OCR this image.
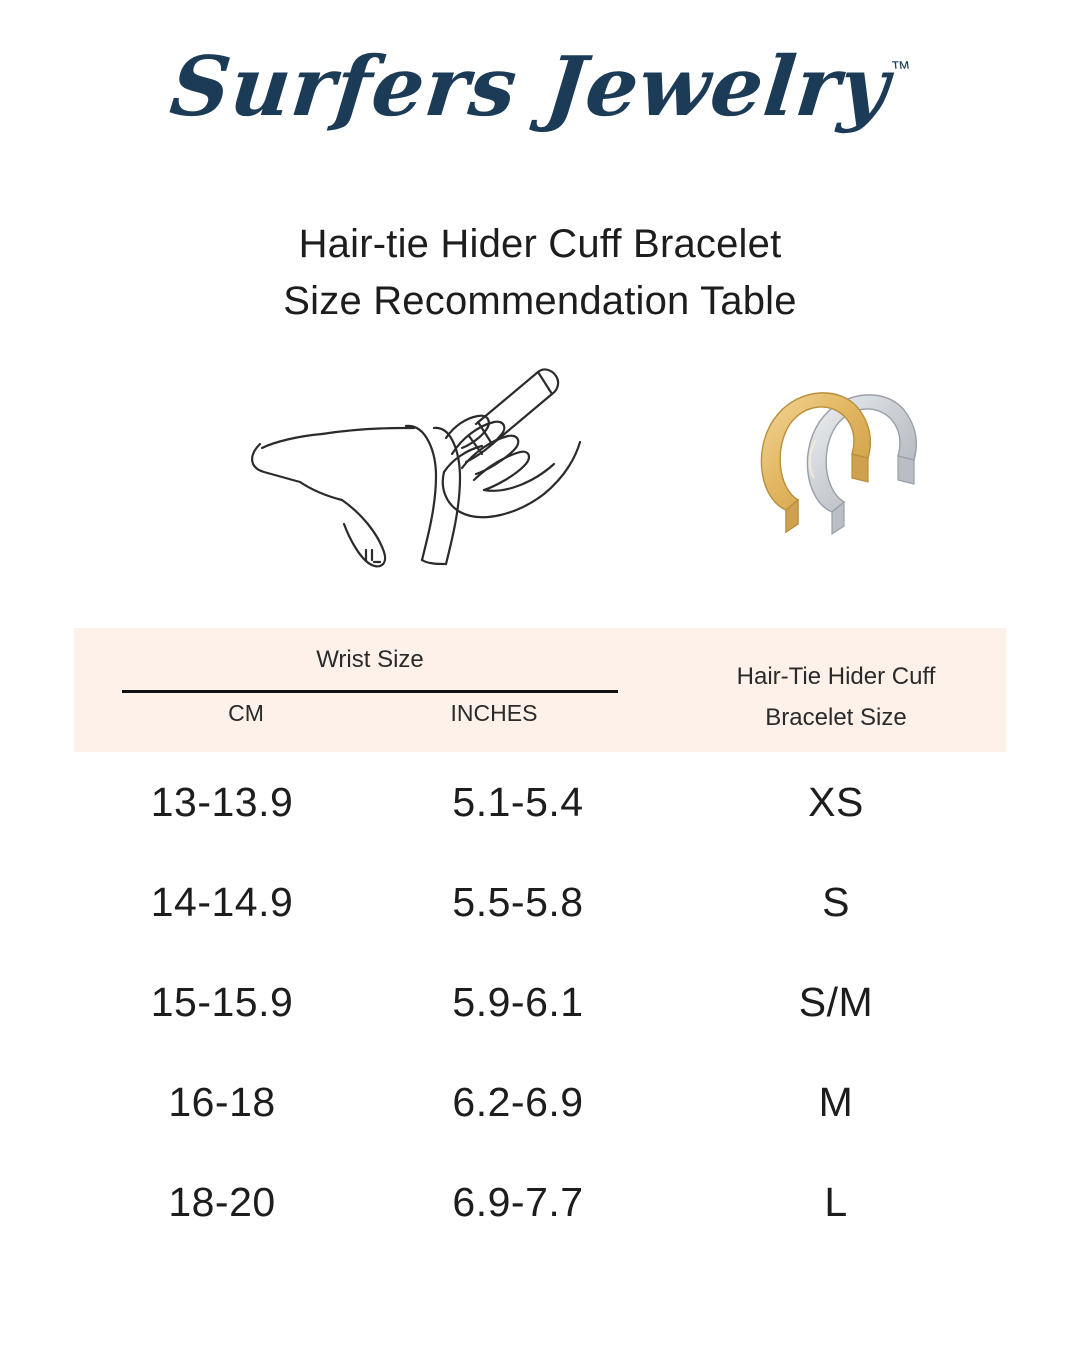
Surfers Jewelry™
Hair-tie Hider Cuff Bracelet
Size Recommendation Table
Wrist Size
CM	INCHES
Hair-Tie Hider Cuff
Bracelet Size
13-13.9	5.1-5.4	XS
14-14.9	5.5-5.8	S
15-15.9	5.9-6.1	S/M
16-18	6.2-6.9	M
18-20	6.9-7.7	L
